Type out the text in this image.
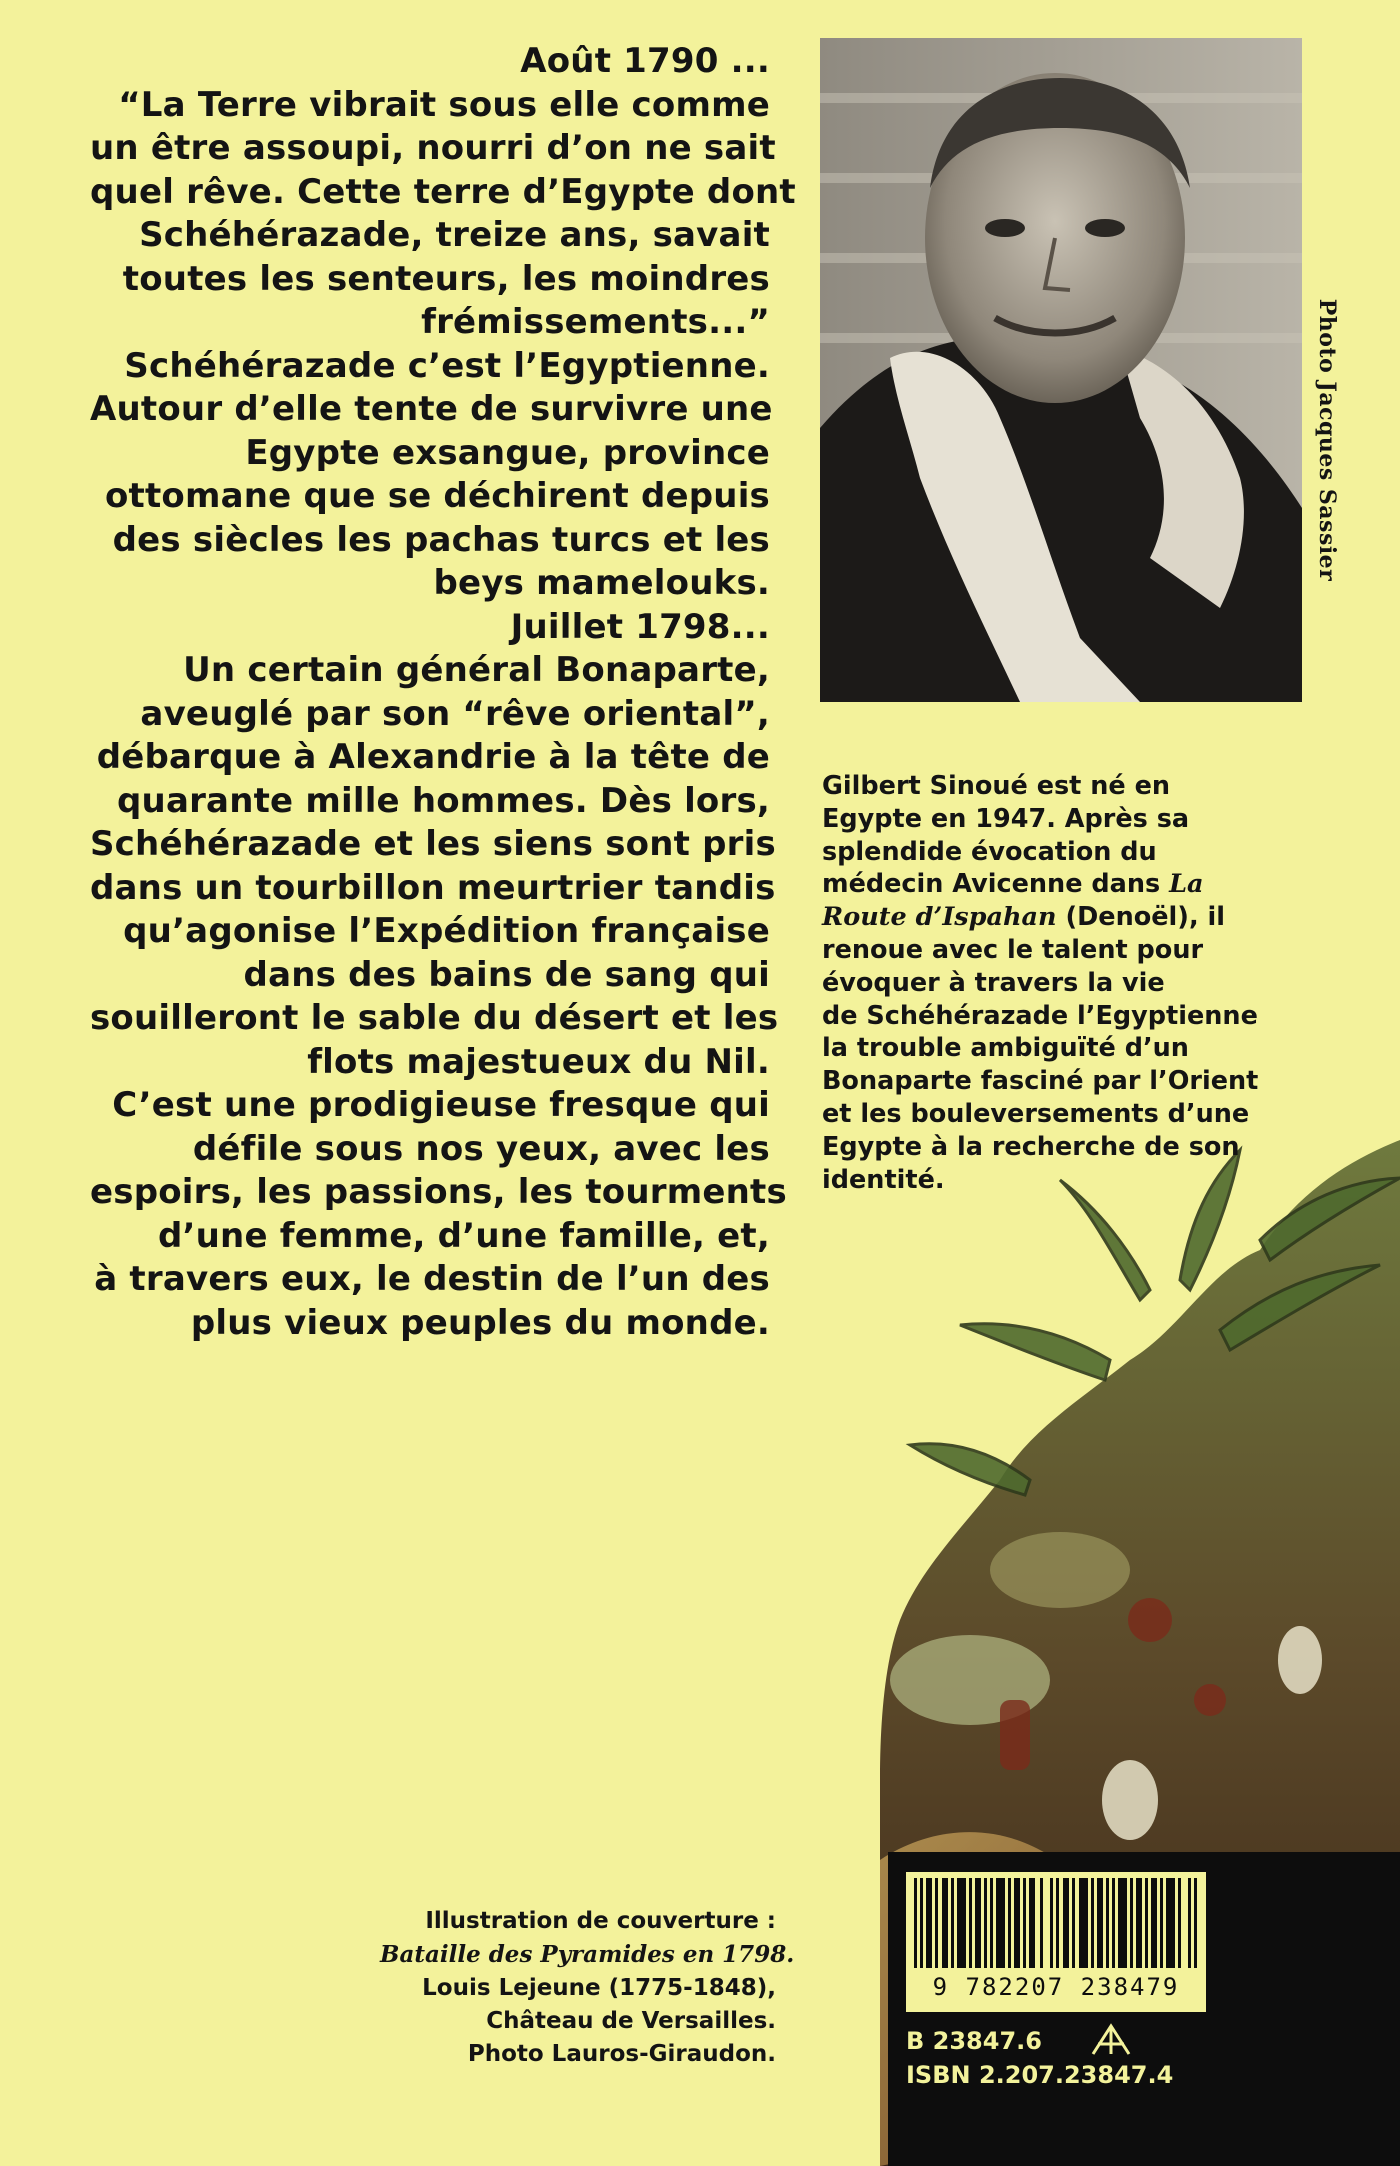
Août 1790 ...
“La Terre vibrait sous elle comme
un être assoupi, nourri d’on ne sait
quel rêve. Cette terre d’Egypte dont
Schéhérazade, treize ans, savait
toutes les senteurs, les moindres
frémissements...”
Schéhérazade c’est l’Egyptienne.
Autour d’elle tente de survivre une
Egypte exsangue, province
ottomane que se déchirent depuis
des siècles les pachas turcs et les
beys mamelouks.
Juillet 1798...
Un certain général Bonaparte,
aveuglé par son “rêve oriental”,
débarque à Alexandrie à la tête de
quarante mille hommes. Dès lors,
Schéhérazade et les siens sont pris
dans un tourbillon meurtrier tandis
qu’agonise l’Expédition française
dans des bains de sang qui
souilleront le sable du désert et les
flots majestueux du Nil.
C’est une prodigieuse fresque qui
défile sous nos yeux, avec les
espoirs, les passions, les tourments
d’une femme, d’une famille, et,
à travers eux, le destin de l’un des
plus vieux peuples du monde.
Photo Jacques Sassier
Gilbert Sinoué est né en
Egypte en 1947. Après sa
splendide évocation du
médecin Avicenne dans La
Route d’Ispahan (Denoël), il
renoue avec le talent pour
évoquer à travers la vie
de Schéhérazade l’Egyptienne
la trouble ambiguïté d’un
Bonaparte fasciné par l’Orient
et les bouleversements d’une
Egypte à la recherche de son
identité.
9 782207 238479
B 23847.6
ISBN 2.207.23847.4
Illustration de couverture :
Bataille des Pyramides en 1798.
Louis Lejeune (1775-1848),
Château de Versailles.
Photo Lauros-Giraudon.
